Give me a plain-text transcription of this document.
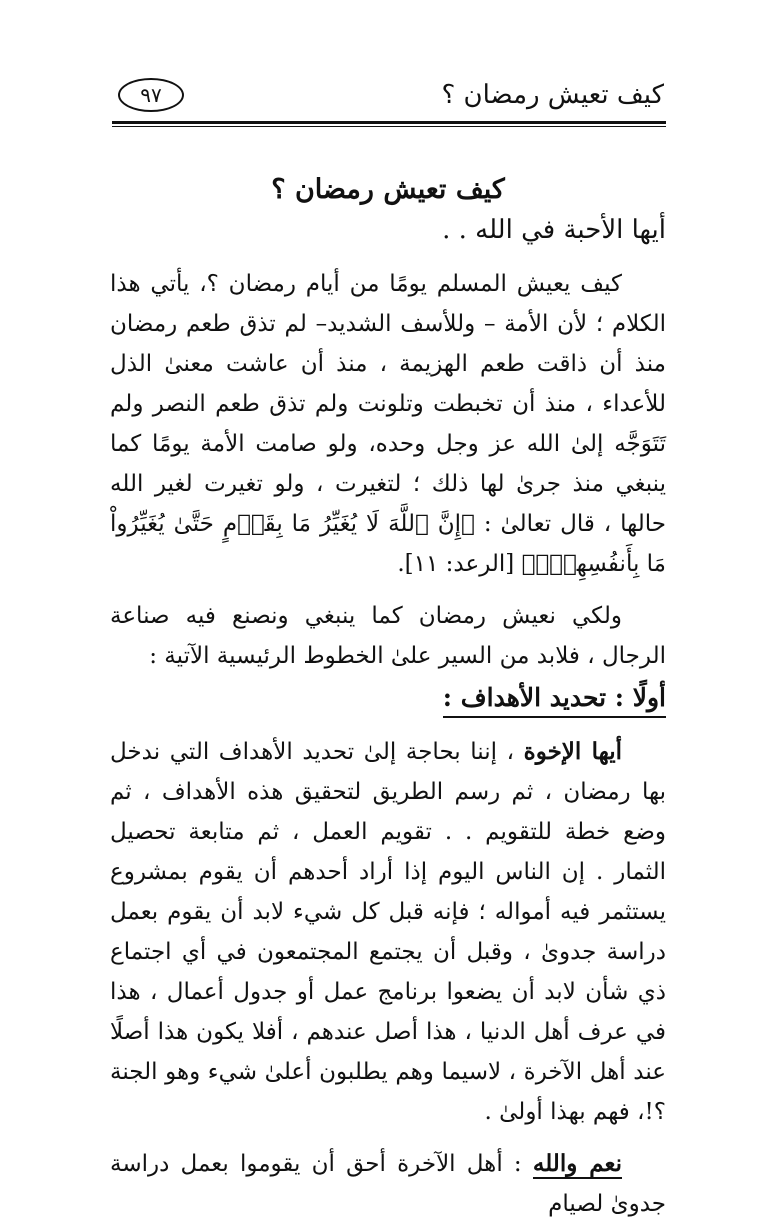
كيف تعيش رمضان ؟
٩٧

كيف تعيش رمضان ؟

أيها الأحبة في الله . .

كيف يعيش المسلم يومًا من أيام رمضان ؟، يأتي هذا الكلام ؛ لأن الأمة – وللأسف الشديد– لم تذق طعم رمضان منذ أن ذاقت طعم الهزيمة ، منذ أن عاشت معنىٰ الذل للأعداء ، منذ أن تخبطت وتلونت ولم تذق طعم النصر ولم تَتَوَجَّه إلىٰ الله عز وجل وحده، ولو صامت الأمة يومًا كما ينبغي منذ جرىٰ لها ذلك ؛ لتغيرت ، ولو تغيرت لغير الله حالها ، قال تعالىٰ : ﴿إِنَّ ٱللَّهَ لَا يُغَيِّرُ مَا بِقَوۡمٍ حَتَّىٰ يُغَيِّرُواْ مَا بِأَنفُسِهِمۡۗ﴾ [الرعد: ١١].

ولكي نعيش رمضان كما ينبغي ونصنع فيه صناعة الرجال ، فلابد من السير علىٰ الخطوط الرئيسية الآتية :

أولًا : تحديد الأهداف :

أيها الإخوة ، إننا بحاجة إلىٰ تحديد الأهداف التي ندخل بها رمضان ، ثم رسم الطريق لتحقيق هذه الأهداف ، ثم وضع خطة للتقويم . . تقويم العمل ، ثم متابعة تحصيل الثمار . إن الناس اليوم إذا أراد أحدهم أن يقوم بمشروع يستثمر فيه أمواله ؛ فإنه قبل كل شيء لابد أن يقوم بعمل دراسة جدوىٰ ، وقبل أن يجتمع المجتمعون في أي اجتماع ذي شأن لابد أن يضعوا برنامج عمل أو جدول أعمال ، هذا في عرف أهل الدنيا ، هذا أصل عندهم ، أفلا يكون هذا أصلًا عند أهل الآخرة ، لاسيما وهم يطلبون أعلىٰ شيء وهو الجنة ؟!، فهم بهذا أولىٰ .

نعم والله : أهل الآخرة أحق أن يقوموا بعمل دراسة جدوىٰ لصيام
